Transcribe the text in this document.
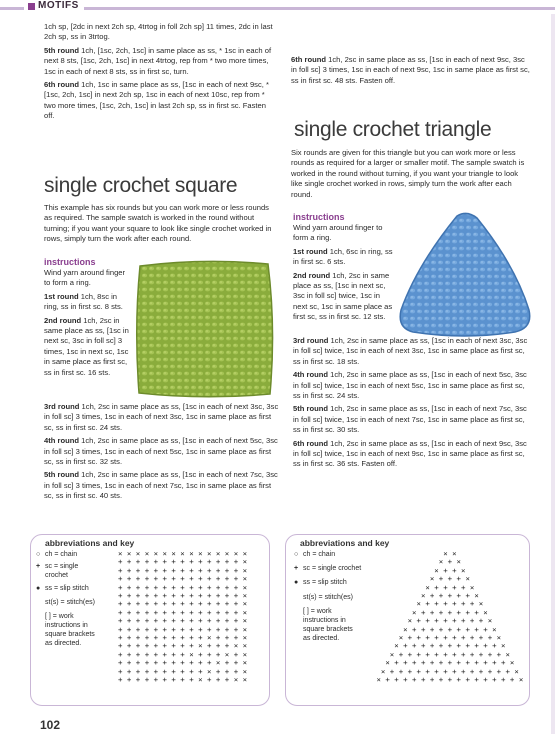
MOTIFS

1ch sp, [2dc in next 2ch sp, 4trtog in foll 2ch sp] 11 times, 2dc in last 2ch sp, ss in 3trtog.

5th round 1ch, [1sc, 2ch, 1sc] in same place as ss, * 1sc in each of next 8 sts, [1sc, 2ch, 1sc] in next 4trtog, rep from * two more times, 1sc in each of next 8 sts, ss in first sc, turn.

6th round 1ch, 1sc in same place as ss, [1sc in each of next 9sc, * [1sc, 2ch, 1sc] in next 2ch sp, 1sc in each of next 10sc, rep from * two more times, [1sc, 2ch, 1sc] in last 2ch sp, ss in first sc. Fasten off.

single crochet square

This example has six rounds but you can work more or less rounds as required. The sample swatch is worked in the round without turning; if you want your square to look like single crochet worked in rows, simply turn the work after each round.

instructions

Wind yarn around finger to form a ring.

1st round 1ch, 8sc in ring, ss in first sc. 8 sts.

2nd round 1ch, 2sc in same place as ss, [1sc in next sc, 3sc in foll sc] 3 times, 1sc in next sc, 1sc in same place as first sc, ss in first sc. 16 sts.

3rd round 1ch, 2sc in same place as ss, [1sc in each of next 3sc, 3sc in foll sc] 3 times, 1sc in each of next 3sc, 1sc in same place as first sc, ss in first sc. 24 sts.

4th round 1ch, 2sc in same place as ss, [1sc in each of next 5sc, 3sc in foll sc] 3 times, 1sc in each of next 5sc, 1sc in same place as first sc, ss in first sc. 32 sts.

5th round 1ch, 2sc in same place as ss, [1sc in each of next 7sc, 3sc in foll sc] 3 times, 1sc in each of next 7sc, 1sc in same place as first sc, ss in first sc. 40 sts.

6th round 1ch, 2sc in same place as ss, [1sc in each of next 9sc, 3sc in foll sc] 3 times, 1sc in each of next 9sc, 1sc in same place as first sc, ss in first sc. 48 sts. Fasten off.

single crochet triangle

Six rounds are given for this triangle but you can work more or less rounds as required for a larger or smaller motif. The sample swatch is worked in the round without turning, if you want your triangle to look like single crochet worked in rows, simply turn the work after each round.

instructions

Wind yarn around finger to form a ring.

1st round 1ch, 6sc in ring, ss in first sc. 6 sts.

2nd round 1ch, 2sc in same place as ss, [1sc in next sc, 3sc in foll sc] twice, 1sc in next sc, 1sc in same place as first sc, ss in first sc. 12 sts.

3rd round 1ch, 2sc in same place as ss, [1sc in each of next 3sc, 3sc in foll sc] twice, 1sc in each of next 3sc, 1sc in same place as first sc, ss in first sc. 18 sts.

4th round 1ch, 2sc in same place as ss, [1sc in each of next 5sc, 3sc in foll sc] twice, 1sc in each of next 5sc, 1sc in same place as first sc, ss in first sc. 24 sts.

5th round 1ch, 2sc in same place as ss, [1sc in each of next 7sc, 3sc in foll sc] twice, 1sc in each of next 7sc, 1sc in same place as first sc, ss in first sc. 30 sts.

6th round 1ch, 2sc in same place as ss, [1sc in each of next 9sc, 3sc in foll sc] twice, 1sc in each of next 9sc, 1sc in same place as first sc, ss in first sc. 36 sts. Fasten off.

abbreviations and key
○ ch = chain
+ sc = single
crochet
● ss = slip stitch
st(s) = stitch(es)
[ ] = work
instructions in
square brackets
as directed.
× × × × × × × × × × × × × × ×
+ + + + + + + + + + + + + + ×
+ + + + + + + + + + + + + + ×
+ + + + + + + + + + + + + + ×
+ + + + + + + + + + + + + + ×
+ + + + + + + + + + + + + + ×
+ + + + + + + + + + + + + + ×
+ + + + + + + + + + + + + + ×
+ + + + + + + + + + + + + + ×
+ + + + + + + + + + + + + + ×
+ + + + + + + + + + × + + + ×
+ + + + + + + + + × + + + × ×
+ + + + + + + + × + + + × + ×
+ + + + + + + + + + + × + + ×
+ + + + + + + + + + × + + + ×
+ + + + + + + + + × + + + × ×
abbreviations and key
○ ch = chain
+ sc = single crochet
● ss = slip stitch
st(s) = stitch(es)
[ ] = work
instructions in
square brackets
as directed.
× ×
× + ×
× + + ×
× + + + ×
× + + + + ×
× + + + + + ×
× + + + + + + ×
× + + + + + + + ×
× + + + + + + + + ×
× + + + + + + + + + ×
× + + + + + + + + + + ×
× + + + + + + + + + + + ×
× + + + + + + + + + + + + ×
× + + + + + + + + + + + + + ×
× + + + + + + + + + + + + + + ×
× + + + + + + + + + + + + + + + ×
102
